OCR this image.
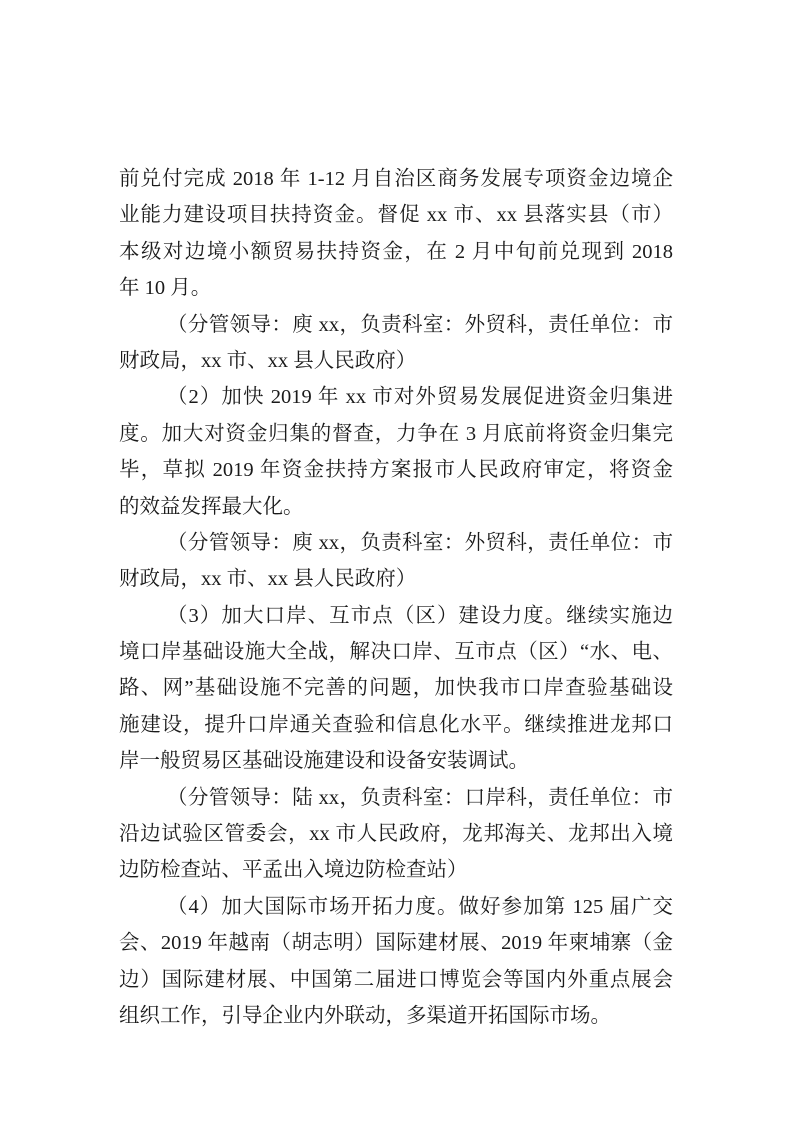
前兑付完成 2018 年 1-12 月自治区商务发展专项资金边境企
业能力建设项目扶持资金。督促 xx 市、xx 县落实县（市）
本级对边境小额贸易扶持资金，在 2 月中旬前兑现到 2018
年 10 月。
（分管领导：庾 xx，负责科室：外贸科，责任单位：市
财政局，xx 市、xx 县人民政府）
（2）加快 2019 年 xx 市对外贸易发展促进资金归集进
度。加大对资金归集的督查，力争在 3 月底前将资金归集完
毕，草拟 2019 年资金扶持方案报市人民政府审定，将资金
的效益发挥最大化。
（分管领导：庾 xx，负责科室：外贸科，责任单位：市
财政局，xx 市、xx 县人民政府）
（3）加大口岸、互市点（区）建设力度。继续实施边
境口岸基础设施大全战，解决口岸、互市点（区）“水、电、
路、网”基础设施不完善的问题，加快我市口岸查验基础设
施建设，提升口岸通关查验和信息化水平。继续推进龙邦口
岸一般贸易区基础设施建设和设备安装调试。
（分管领导：陆 xx，负责科室：口岸科，责任单位：市
沿边试验区管委会，xx 市人民政府，龙邦海关、龙邦出入境
边防检查站、平孟出入境边防检查站）
（4）加大国际市场开拓力度。做好参加第 125 届广交
会、2019 年越南（胡志明）国际建材展、2019 年柬埔寨（金
边）国际建材展、中国第二届进口博览会等国内外重点展会
组织工作，引导企业内外联动，多渠道开拓国际市场。
